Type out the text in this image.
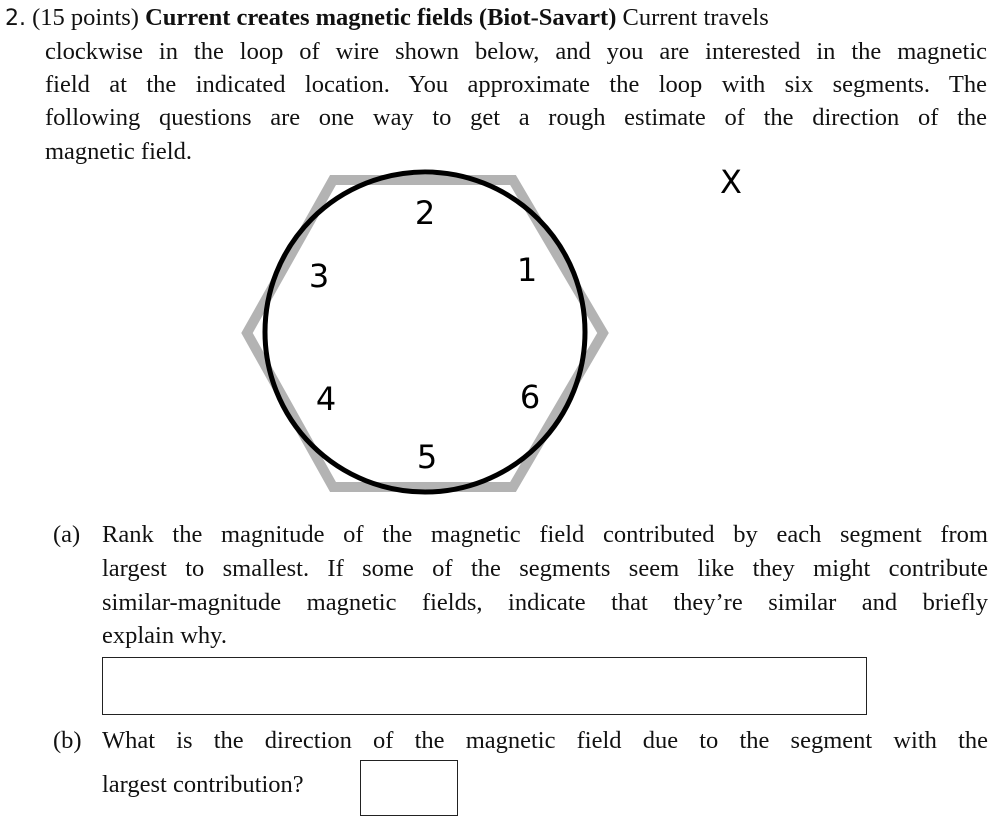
2. (15 points) Current creates magnetic fields (Biot-Savart) Current travels
clockwise in the loop of wire shown below, and you are interested in the magnetic
field at the indicated location. You approximate the loop with six segments. The
following questions are one way to get a rough estimate of the direction of the
magnetic field.
2
1
3
4	6
5
X
(a) Rank the magnitude of the magnetic field contributed by each segment from
largest to smallest. If some of the segments seem like they might contribute
similar-magnitude magnetic fields, indicate that they’re similar and briefly
explain why.
(b) What is the direction of the magnetic field due to the segment with the
largest contribution?
